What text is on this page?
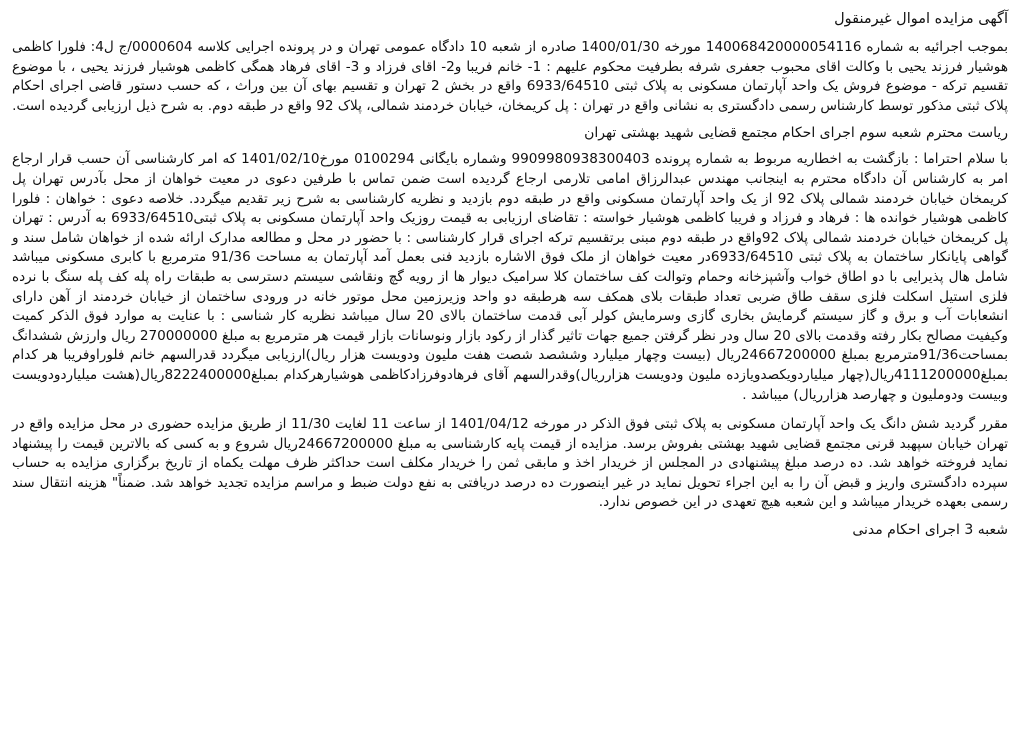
آگهی مزایده اموال غیرمنقول

بموجب اجرائیه به شماره 140068420000054116 مورخه 1400/01/30 صادره از شعبه 10 دادگاه عمومی تهران و در پرونده اجرایی کلاسه 0000604/ج ل4: فلورا کاظمی هوشیار فرزند یحیی با وکالت اقای محبوب جعفری شرفه بطرفیت محکوم علیهم : 1- خانم فریبا و2- اقای فرزاد و 3- اقای فرهاد همگی کاظمی هوشیار فرزند یحیی ، با موضوع تقسیم ترکه - موضوع فروش یک واحد آپارتمان مسکونی به پلاک ثبتی 6933/64510 واقع در بخش 2 تهران و تقسیم بهای آن بین وراث ، که حسب دستور قاضی اجرای احکام پلاک ثبتی مذکور توسط کارشناس رسمی دادگستری به نشانی واقع در تهران : پل کریمخان، خیابان خردمند شمالی، پلاک 92 واقع در طبقه دوم. به شرح ذیل ارزیابی گردیده است.

ریاست محترم شعبه سوم اجرای احکام مجتمع قضایی شهید بهشتی تهران

با سلام احتراما : بازگشت به اخطاریه مربوط به شماره پرونده 9909980938300403 وشماره بایگانی 0100294 مورخ1401/02/10 که امر کارشناسی آن حسب قرار ارجاع امر به کارشناس آن دادگاه محترم به اینجانب مهندس عبدالرزاق امامی تلارمی ارجاع گردیده است ضمن تماس با طرفین دعوی در معیت خواهان از محل بآدرس تهران پل کریمخان خیابان خردمند شمالی پلاک 92 از یک واحد آپارتمان مسکونی واقع در طبقه دوم بازدید و نظریه کارشناسی به شرح زیر تقدیم میگردد. خلاصه دعوی : خواهان : فلورا کاظمی هوشیار خوانده ها : فرهاد و فرزاد و فریبا کاظمی هوشیار خواسته : تقاضای ارزیابی به قیمت روزیک واحد آپارتمان مسکونی به پلاک ثبتی6933/64510 به آدرس : تهران پل کریمخان خیابان خردمند شمالی پلاک 92واقع در طبقه دوم مبنی برتقسیم ترکه اجرای قرار کارشناسی : با حضور در محل و مطالعه مدارک ارائه شده از خواهان شامل سند و گواهی پایانکار ساختمان به پلاک ثبتی 6933/64510در معیت خواهان از ملک فوق الاشاره بازدید فنی بعمل آمد آپارتمان به مساحت 91/36 مترمربع با کابری مسکونی میباشد شامل هال پذیرایی با دو اطاق خواب وآشپزخانه وحمام وتوالت کف ساختمان کلا سرامیک دیوار ها از رویه گچ ونقاشی سیستم دسترسی به طبقات راه پله کف پله سنگ با نرده فلزی استیل اسکلت فلزی سقف طاق ضربی تعداد طبقات بلای همکف سه هرطبقه دو واحد وزیرزمین محل موتور خانه در ورودی ساختمان از خیابان خردمند از آهن دارای انشعابات آب و برق و گاز سیستم گرمایش بخاری گازی وسرمایش کولر آبی قدمت ساختمان بالای 20 سال میباشد نظریه کار شناسی : با عنایت به موارد فوق الذکر کمیت وکیفیت مصالح بکار رفته وقدمت بالای 20 سال ودر نظر گرفتن جمیع جهات تاثیر گذار از رکود بازار ونوسانات بازار قیمت هر مترمربع به مبلغ 270000000 ریال وارزش ششدانگ بمساحت91/36مترمربع بمبلغ 24667200000ریال (بیست وچهار میلیارد وششصد شصت هفت ملیون ودویست هزار ریال)ارزیابی میگردد قدرالسهم خانم فلوراوفریبا هر کدام بمبلغ4111200000ریال(چهار میلیاردویکصدویازده ملیون ودویست هزارریال)وقدرالسهم آقای فرهادوفرزادکاظمی هوشیارهرکدام بمبلغ8222400000ریال(هشت میلیاردودویست وبیست ودوملیون و چهارصد هزارریال) میباشد .

مقرر گردید شش دانگ یک واحد آپارتمان مسکونی به پلاک ثبتی فوق الذکر در مورخه 1401/04/12 از ساعت 11 لغایت 11/30 از طریق مزایده حضوری در محل مزایده واقع در تهران خیابان سپهبد قرنی مجتمع قضایی شهید بهشتی بفروش برسد. مزایده از قیمت پایه کارشناسی به مبلغ 24667200000ریال شروع و به کسی که بالاترین قیمت را پیشنهاد نماید فروخته خواهد شد. ده درصد مبلغ پیشنهادی در المجلس از خریدار اخذ و مابقی ثمن را خریدار مکلف است حداکثر ظرف مهلت یکماه از تاریخ برگزاری مزایده به حساب سپرده دادگستری واریز و قبض آن را به این اجراء تحویل نماید در غیر اینصورت ده درصد دریافتی به نفع دولت ضبط و مراسم مزایده تجدید خواهد شد. ضمناً" هزینه انتقال سند رسمی بعهده خریدار میباشد و این شعبه هیچ تعهدی در این خصوص ندارد.

شعبه 3 اجرای احکام مدنی
